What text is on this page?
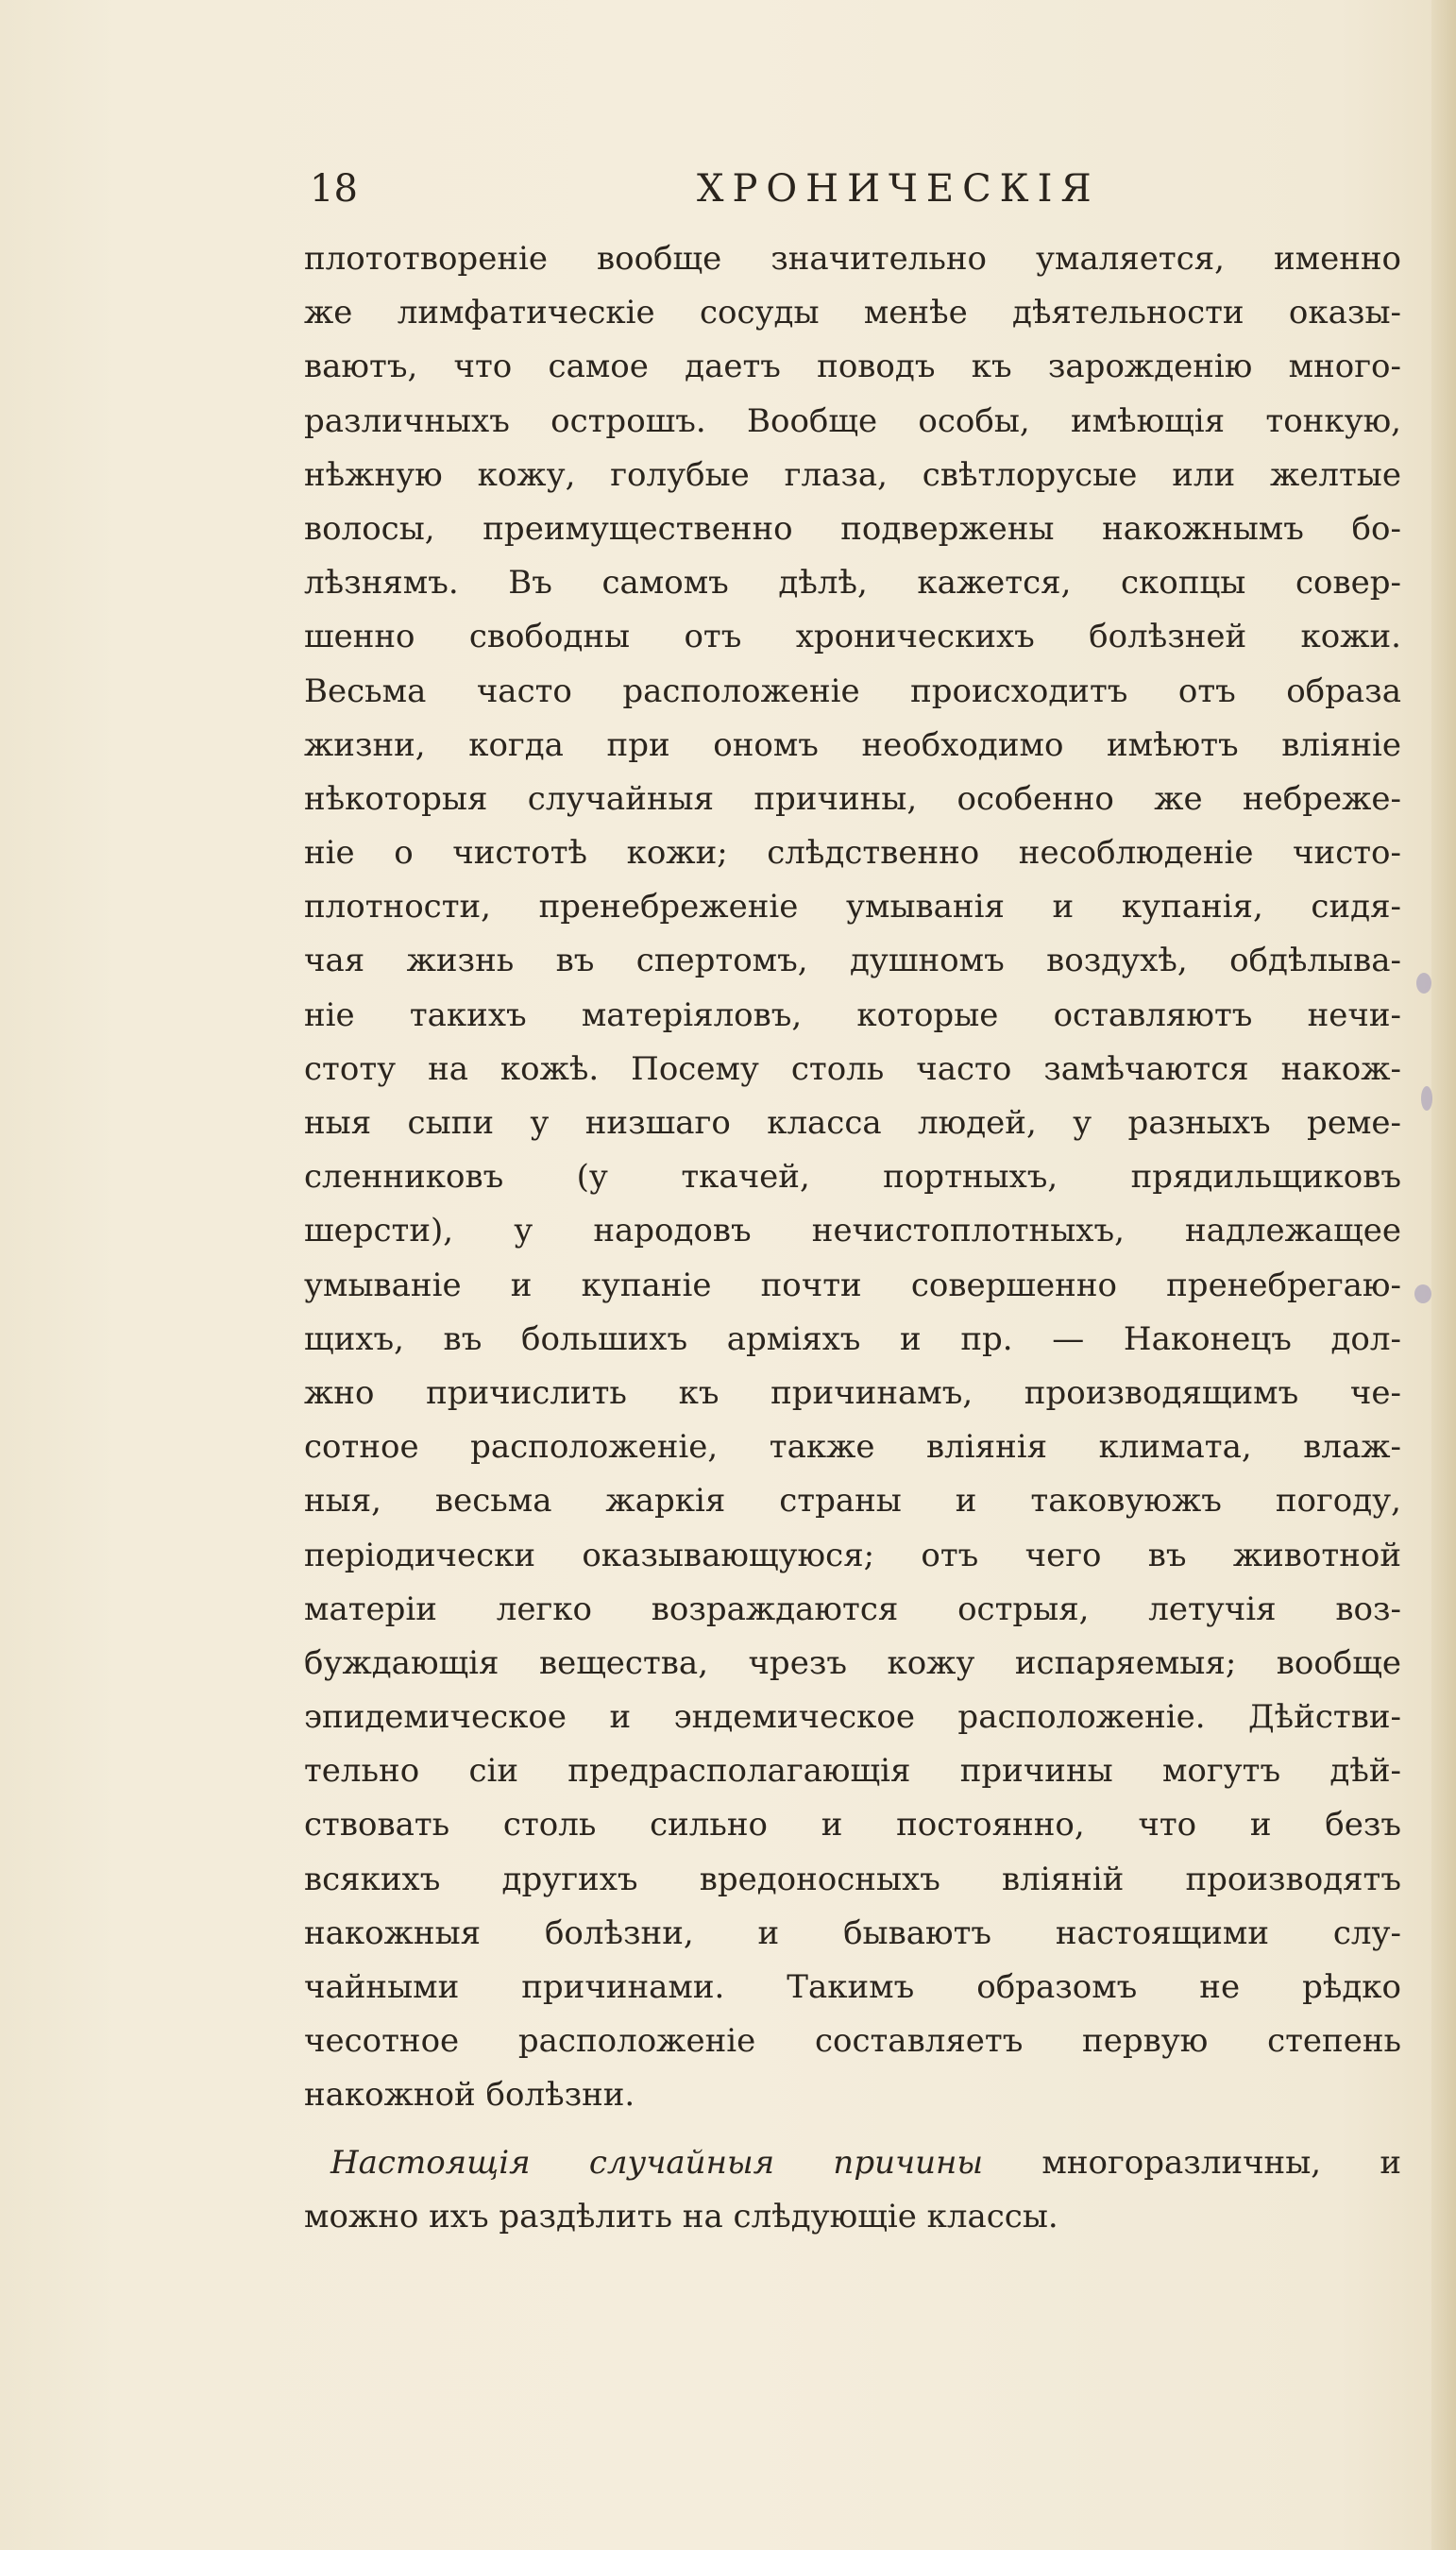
18	ХРОНИЧЕСКІЯ
плототвореніе вообще значительно умаляется, именно
же лимфатическіе сосуды менѣе дѣятельности оказы-
ваютъ, что самое даетъ поводъ къ зарожденію много-
различныхъ острошъ. Вообще особы, имѣющія тонкую,
нѣжную кожу, голубые глаза, свѣтлорусые или желтые
волосы, преимущественно подвержены накожнымъ бо-
лѣзнямъ. Въ самомъ дѣлѣ, кажется, скопцы совер-
шенно свободны отъ хроническихъ болѣзней кожи.
Весьма часто расположеніе происходитъ отъ образа
жизни, когда при ономъ необходимо имѣютъ вліяніе
нѣкоторыя случайныя причины, особенно же небреже-
ніе о чистотѣ кожи; слѣдственно несоблюденіе чисто-
плотности, пренебреженіе умыванія и купанія, сидя-
чая жизнь въ спертомъ, душномъ воздухѣ, обдѣлыва-
ніе такихъ матеріяловъ, которые оставляютъ нечи-
стоту на кожѣ. Посему столь часто замѣчаются накож-
ныя сыпи у низшаго класса людей, у разныхъ реме-
сленниковъ (у ткачей, портныхъ, прядильщиковъ
шерсти), у народовъ нечистоплотныхъ, надлежащее
умываніе и купаніе почти совершенно пренебрегаю-
щихъ, въ большихъ арміяхъ и пр. — Наконецъ дол-
жно причислить къ причинамъ, производящимъ че-
сотное расположеніе, также вліянія климата, влаж-
ныя, весьма жаркія страны и таковуюжъ погоду,
періодически оказывающуюся; отъ чего въ животной
матеріи легко возраждаются острыя, летучія воз-
буждающія вещества, чрезъ кожу испаряемыя; вообще
эпидемическое и эндемическое расположеніе. Дѣйстви-
тельно сіи предрасполагающія причины могутъ дѣй-
ствовать столь сильно и постоянно, что и безъ
всякихъ другихъ вредоносныхъ вліяній производятъ
накожныя болѣзни, и бываютъ настоящими слу-
чайными причинами. Такимъ образомъ не рѣдко
чесотное расположеніе составляетъ первую степень
накожной болѣзни.
Настоящія случайныя причины многоразличны, и
можно ихъ раздѣлить на слѣдующіе классы.
